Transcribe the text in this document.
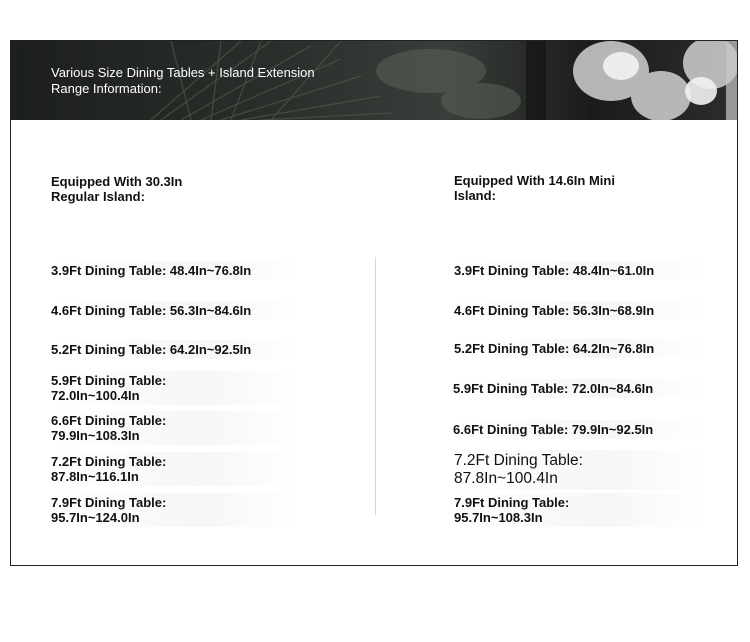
Various Size Dining Tables + Island Extension
Range Information:
Equipped With 30.3In
Regular Island:
Equipped With 14.6In Mini
Island:
3.9Ft Dining Table: 48.4In~76.8In
4.6Ft Dining Table: 56.3In~84.6In
5.2Ft Dining Table: 64.2In~92.5In
5.9Ft Dining Table:
72.0In~100.4In
6.6Ft Dining Table:
79.9In~108.3In
7.2Ft Dining Table:
87.8In~116.1In
7.9Ft Dining Table:
95.7In~124.0In
3.9Ft Dining Table: 48.4In~61.0In
4.6Ft Dining Table: 56.3In~68.9In
5.2Ft Dining Table: 64.2In~76.8In
5.9Ft Dining Table: 72.0In~84.6In
6.6Ft Dining Table: 79.9In~92.5In
7.2Ft Dining Table:
87.8In~100.4In
7.9Ft Dining Table:
95.7In~108.3In
